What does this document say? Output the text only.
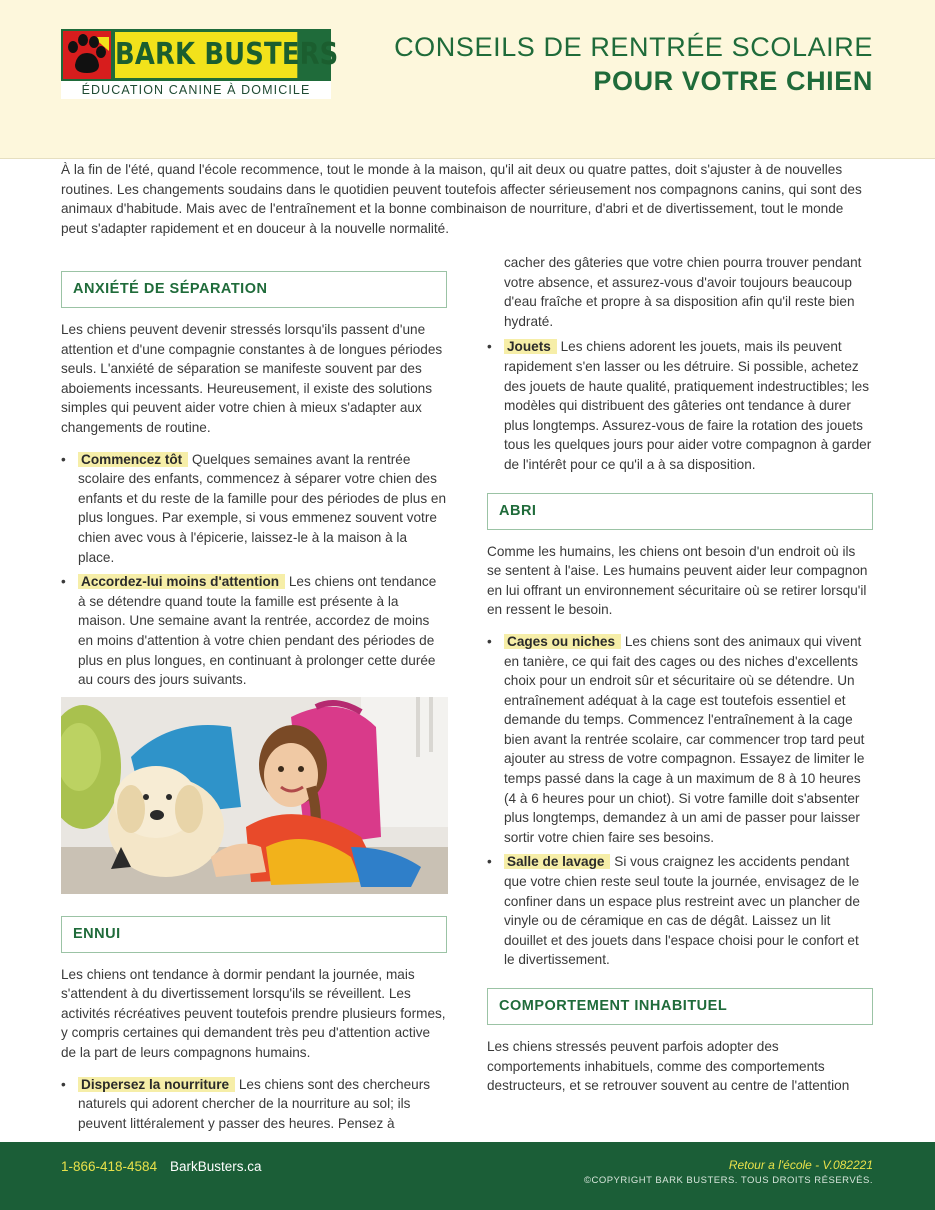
BARK BUSTERS
ÉDUCATION CANINE À DOMICILE
CONSEILS DE RENTRÉE SCOLAIRE
POUR VOTRE CHIEN

À la fin de l'été, quand l'école recommence, tout le monde à la maison, qu'il ait deux ou quatre pattes, doit s'ajuster à de nouvelles routines. Les changements soudains dans le quotidien peuvent toutefois affecter sérieusement nos compagnons canins, qui sont des animaux d'habitude. Mais avec de l'entraînement et la bonne combinaison de nourriture, d'abri et de divertissement, tout le monde peut s'adapter rapidement et en douceur à la nouvelle normalité.

ANXIÉTÉ DE SÉPARATION

Les chiens peuvent devenir stressés lorsqu'ils passent d'une attention et d'une compagnie constantes à de longues périodes seuls. L'anxiété de séparation se manifeste souvent par des aboiements incessants. Heureusement, il existe des solutions simples qui peuvent aider votre chien à mieux s'adapter aux changements de routine.

• Commencez tôt Quelques semaines avant la rentrée scolaire des enfants, commencez à séparer votre chien des enfants et du reste de la famille pour des périodes de plus en plus longues. Par exemple, si vous emmenez souvent votre chien avec vous à l'épicerie, laissez-le à la maison à la place.
• Accordez-lui moins d'attention Les chiens ont tendance à se détendre quand toute la famille est présente à la maison. Une semaine avant la rentrée, accordez de moins en moins d'attention à votre chien pendant des périodes de plus en plus longues, en continuant à prolonger cette durée au cours des jours suivants.
ENNUI

Les chiens ont tendance à dormir pendant la journée, mais s'attendent à du divertissement lorsqu'ils se réveillent. Les activités récréatives peuvent toutefois prendre plusieurs formes, y compris certaines qui demandent très peu d'attention active de la part de leurs compagnons humains.

• Dispersez la nourriture Les chiens sont des chercheurs naturels qui adorent chercher de la nourriture au sol; ils peuvent littéralement y passer des heures. Pensez à

cacher des gâteries que votre chien pourra trouver pendant votre absence, et assurez-vous d'avoir toujours beaucoup d'eau fraîche et propre à sa disposition afin qu'il reste bien hydraté.

• Jouets Les chiens adorent les jouets, mais ils peuvent rapidement s'en lasser ou les détruire. Si possible, achetez des jouets de haute qualité, pratiquement indestructibles; les modèles qui distribuent des gâteries ont tendance à durer plus longtemps. Assurez-vous de faire la rotation des jouets tous les quelques jours pour aider votre compagnon à garder de l'intérêt pour ce qu'il a à sa disposition.
ABRI

Comme les humains, les chiens ont besoin d'un endroit où ils se sentent à l'aise. Les humains peuvent aider leur compagnon en lui offrant un environnement sécuritaire où se retirer lorsqu'il en ressent le besoin.

• Cages ou niches Les chiens sont des animaux qui vivent en tanière, ce qui fait des cages ou des niches d'excellents choix pour un endroit sûr et sécuritaire où se détendre. Un entraînement adéquat à la cage est toutefois essentiel et demande du temps. Commencez l'entraînement à la cage bien avant la rentrée scolaire, car commencer trop tard peut ajouter au stress de votre compagnon. Essayez de limiter le temps passé dans la cage à un maximum de 8 à 10 heures (4 à 6 heures pour un chiot). Si votre famille doit s'absenter plus longtemps, demandez à un ami de passer pour laisser sortir votre chien faire ses besoins.
• Salle de lavage Si vous craignez les accidents pendant que votre chien reste seul toute la journée, envisagez de le confiner dans un espace plus restreint avec un plancher de vinyle ou de céramique en cas de dégât. Laissez un lit douillet et des jouets dans l'espace choisi pour le confort et le divertissement.
COMPORTEMENT INHABITUEL

Les chiens stressés peuvent parfois adopter des comportements inhabituels, comme des comportements destructeurs, et se retrouver souvent au centre de l'attention

1-866-418-4584 BarkBusters.ca	Retour a l'école - V.082221
©COPYRIGHT BARK BUSTERS. TOUS DROITS RÉSERVÉS.
